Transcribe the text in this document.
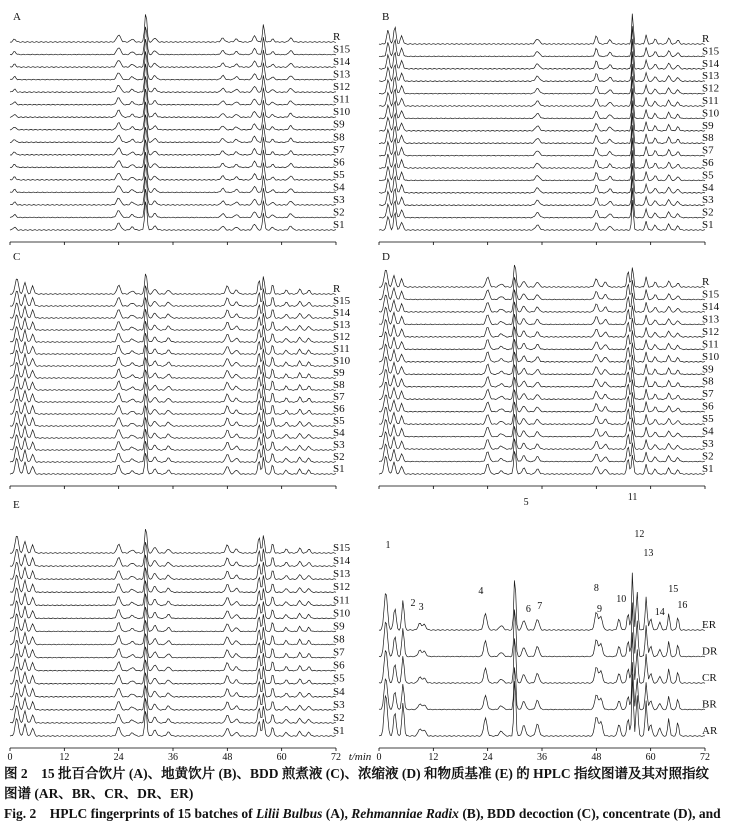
A
R
S15
S14
S13
S12
S11
S10
S9
S8
S7
S6
S5
S4
S3
S2
S1
B
R
S15
S14
S13
S12
S11
S10
S9
S8
S7
S6
S5
S4
S3
S2
S1
C
R
S15
S14
S13
S12
S11
S10
S9
S8
S7
S6
S5
S4
S3
S2
S1
D
R
S15
S14
S13
S12
S11
S10
S9
S8
S7
S6
S5
S4
S3
S2
S1
E
S15
S14
S13
S12
S11
S10
S9
S8
S7
S6
S5
S4
S3
S2
S1
0	12	24	36	48	60	72
ER
DR
CR
BR
AR
0	12	24	36	48	60	72
1
2 3
4
5
6 7
8
9
10
11
12
13
14
15
16
t/min
图 2　15 批百合饮片 (A)、地黄饮片 (B)、BDD 煎煮液 (C)、浓缩液 (D) 和物质基准 (E) 的 HPLC 指纹图谱及其对照指纹
图谱 (AR、BR、CR、DR、ER)
Fig. 2　HPLC fingerprints of 15 batches of Lilii Bulbus (A), Rehmanniae Radix (B), BDD decoction (C), concentrate (D), and
